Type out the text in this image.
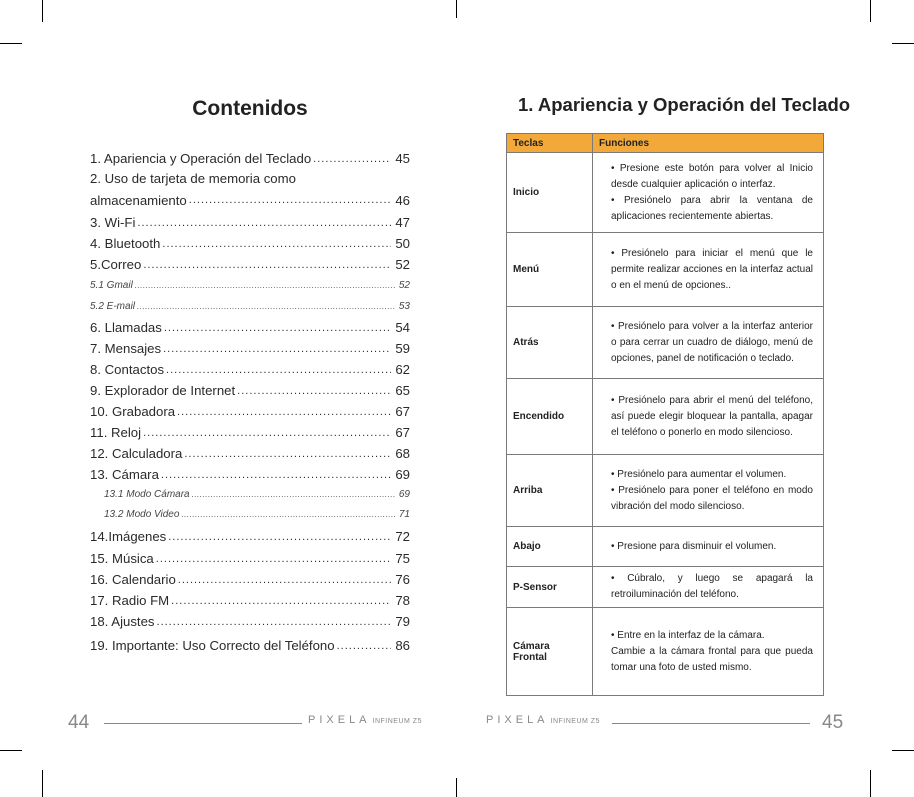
Contenidos
1. Apariencia y Operación del Teclado .....	45
2. Uso de tarjeta de memoria como
almacenamiento .....	46
3. Wi-Fi .....	47
4. Bluetooth .....	50
5.Correo .....	52
5.1 Gmail .....	52
5.2 E-mail .....	53
6. Llamadas .....	54
7. Mensajes .....	59
8. Contactos .....	62
9. Explorador de Internet .....	65
10. Grabadora .....	67
11. Reloj .....	67
12. Calculadora .....	68
13. Cámara .....	69
13.1 Modo Cámara .....	69
13.2 Modo Video .....	71
14.Imágenes .....	72
15. Música .....	75
16. Calendario .....	76
17. Radio FM .....	78
18. Ajustes .....	79
19. Importante: Uso Correcto del Teléfono .....	86
44	PIXELA INFINEUM Z5
1. Apariencia y Operación del Teclado
Teclas	Funciones
Inicio	• Presione este botón para volver al Inicio desde cualquier aplicación o interfaz.
• Presiónelo para abrir la ventana de aplicaciones recientemente abiertas.

Menú	• Presiónelo para iniciar el menú que le permite realizar acciones en la interfaz actual o en el menú de opciones..

Atrás	• Presiónelo para volver a la interfaz anterior o para cerrar un cuadro de diálogo, menú de opciones, panel de notificación o teclado.

Encendido	• Presiónelo para abrir el menú del teléfono, así puede elegir bloquear la pantalla, apagar el teléfono o ponerlo en modo silencioso.

Arriba	• Presiónelo para aumentar el volumen.
• Presiónelo para poner el teléfono en modo vibración del modo silencioso.

Abajo	• Presione para disminuir el volumen.

P-Sensor	• Cúbralo, y luego se apagará la retroiluminación del teléfono.

Cámara Frontal	• Entre en la interfaz de la cámara.
Cambie a la cámara frontal para que pueda tomar una foto de usted mismo.
PIXELA INFINEUM Z5	45
